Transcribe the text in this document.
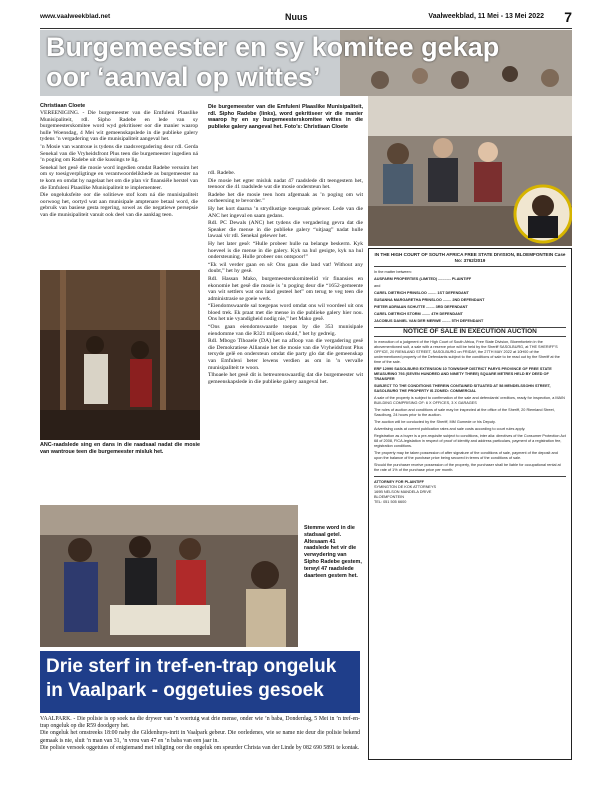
www.vaalweekblad.net	Nuus	Vaalweekblad, 11 Mei - 13 Mei 2022 7
Burgemeester en sy komitee gekap
oor ‘aanval op wittes’
Christiaan Cloete

VEREENIGING. - Die burgemeester van die Emfuleni Plaaslike Munisipaliteit, rdl. Sipho Radebe en lede van sy burgemeesterskomitee word wyd gekritiseer oor die manier waarop hulle Woensdag, 4 Mei wit gemeenskapslede in die publieke galery tydens ’n vergadering van die munisipaliteit aangeval het.

’n Mosie van wantroue is tydens die raadsvergadering deur rdl. Gerda Senekal van die Vryheidsfront Plus teen die burgemeester ingedien ná ’n poging om Radebe uit die kussings te lig.

Senekal het gesê die mosie word ingedien omdat Radebe versuim het om sy toesigverpligtinge en verantwoordelikhede as burgemeester na te kom en omdat hy nagelaat het om die plan vir finansiële herstel van die Emfuleni Plaaslike Munisipaliteit te implementeer.

Die ongeluksfeite oor die solitiewe stof kom ná die munisipaliteit oorwoog het, oortyd wat aan munisipale amptenare betaal word, die gebruik van basiese gesta regering, sowel as die negatiewe persepsie van die munisipaliteit vanuit ook deel van die aanklag teen.

Die burgemeester van die Emfuleni Plaaslike Munisipaliteit, rdl. Sipho Radebe (links), word gekritiseer vir die manier waarop hy en sy burgemeesterskomitee wittes in die publieke galery aangeval het. Foto’s: Christiaan Cloete

rdl. Radebe.

Die mosie het egter misluk nadat 47 raadslede dit teengestem het, teenoor die 41 raadslede wat die mosie ondersteun het.

Radebe het die mosie teen hom afgemaak as ’n poging om wit oorheersing te bevorder.”

Hy het kort daarna ’n strydlustige toespraak gelewer. Lede van die ANC het ingeval en saam gedans.

Rdl. PC Dewals (ANC) het tydens die vergadering gevra dat die Speaker die mense in die publieke galery “uitjaag” nadat hulle lawaai vir rdl. Senekal gelewer het.

Hy het later gesê: “Hulle probeer hulle na belange beskerm. Kyk hoeveel is die mense in die galery. Kyk na hul gesigte, kyk na hul ondersteuning. Hulle probeer ons ontspoor!”

“Ek wil verder gaan en sê: Ons gaan die land vat! Without any doubt,” het hy gesê.

Rdl. Hassan Mako, burgemeesterskomiteelid vir finansies en ekonomie het gesê die mosie is ’n poging deur die “1652-gemeente van wit settlers wat ons land gesteel het” om terug te veg teen die administrasie se goeie werk.

“Eiendomswaarde sal toegepas word omdat ons wil voordeel uit ons bloed trek. Ek praat met die mense in die publieke galery hier nou. Ons het nie vyandigheid nodig nie,” het Mako gesê.

“Ons gaan eiendomswaarde toepas by die 353 munisipale eiendomme van die R321 miljoen skuld,” het hy gedreig.

Rdl. Mbogo Tlhoaele (DA) het na afloop van die vergadering gesê die Demokratiese Alliansie het die mosie van die Vryheidsfront Plus tersyde gelê en ondersteun omdat die party glo dat die gemeenskap van Emfuleni beter lewens verdien as om in ’n vervalle munisipaliteit te woon.

Tlhoaele het gesê dit is betreurenswaardig dat die burgemeester wit gemeenskapslede in die publieke galery aangeval het.

ANC-raadslede sing en dans in die raadsaal nadat die mosie van wantroue teen die burgemeester misluk het.
Stemme word in die stadsaal getel. Altesaam 41 raadslede het vir die verwydering van Sipho Radebe gestem, terwyl 47 raadslede daarteen gestem het.
IN THE HIGH COURT OF SOUTH AFRICA FREE STATE DIVISION, BLOEMFONTEIN Case No: 3762/2019
In the matter between:
AUSFARM PROPERTIES (LIMITED) ............ PLAINTIFF
and
CAREL DIETRICH PRINSLOO ........ 1ST DEFENDANT
SUSANNA MARGARETHA PRINSLOO ........ 2ND DEFENDANT
PIETER ADRIAAN SCHUTTE ........ 3RD DEFENDANT
CAREL DIETRICH STORM ........ 4TH DEFENDANT
JACOBUS DANIEL VAN DER MERWE ........ 5TH DEFENDANT
NOTICE OF SALE IN EXECUTION AUCTION
In execution of a judgment of the High Court of South Africa, Free State Division, Bloemfontein in the abovementioned suit, a sale with a reserve price will be held by the Sheriff SASOLBURG, at THE SHERIFF’S OFFICE, 20 RIEMLAND STREET, SASOLBURG on FRIDAY, the 27TH MAY 2022 at 10H00 of the undermentioned property of the Defendants subject to the conditions of sale to be read out by the Sheriff at the time of the sale.
ERF 12990 SASOLBURG EXTENSION 10 TOWNSHIP DISTRICT PARYS PROVINCE OF FREE STATE MEASURING 793 (SEVEN HUNDRED AND NINETY THREE) SQUARE METRES HELD BY DEED OF TRANSFER
SUBJECT TO THE CONDITIONS THEREIN CONTAINED SITUATED AT 58 MENDELSSOHN STREET, SASOLBURG THE PROPERTY IS ZONED: COMMERCIAL
A sale of the property is subject to confirmation of the sale and defendants’ creditors, ready for inspection, a MAIN BUILDING COMPRISING OF: 6 X OFFICES, 3 X GARAGES
The rules of auction and conditions of sale may be inspected at the office of the Sheriff, 20 Riemland Street, Sasolburg, 24 hours prior to the auction.
The auction will be conducted by the Sheriff, MM Gumede or his Deputy.
Advertising costs at current publication rates and sale costs according to court rules apply.
Registration as a buyer is a pre-requisite subject to conditions, inter alia: directives of the Consumer Protection Act 68 of 2008, FICA-legislation in respect of proof of identity and address particulars, payment of a registration fee, registration conditions.
The property may be taken possession of after signature of the conditions of sale, payment of the deposit and upon the balance of the purchase price being secured in terms of the conditions of sale.
Should the purchaser receive possession of the property, the purchaser shall be liable for occupational rental at the rate of 1% of the purchase price per month.
ATTORNEY FOR PLAINTIFF
SYMINGTON DE KOK ATTORNEYS
169B NELSON MANDELA DRIVE
BLOEMFONTEIN
TEL: 051 505 6600
Drie sterf in tref-en-trap ongeluk
in Vaalpark - oggetuies gesoek

VAALPARK. - Die polisie is op soek na die drywer van ’n voertuig wat drie mense, onder wie ’n baba, Donderdag, 5 Mei in ’n tref-en-trap ongeluk op die R59 doodgery het.

Die ongeluk het omstreeks 18:00 naby die Gildenhuys-inrit in Vaalpark gebeur. Die oorledenes, wie se name nie deur die polisie bekend gemaak is nie, sluit ’n man van 31, ’n vrou van 47 en ’n baba van een jaar in.

Die polisie versoek oggetuies of enigiemand met inligting oor die ongeluk om speurder Christa van der Linde by 082 690 5891 te kontak.
